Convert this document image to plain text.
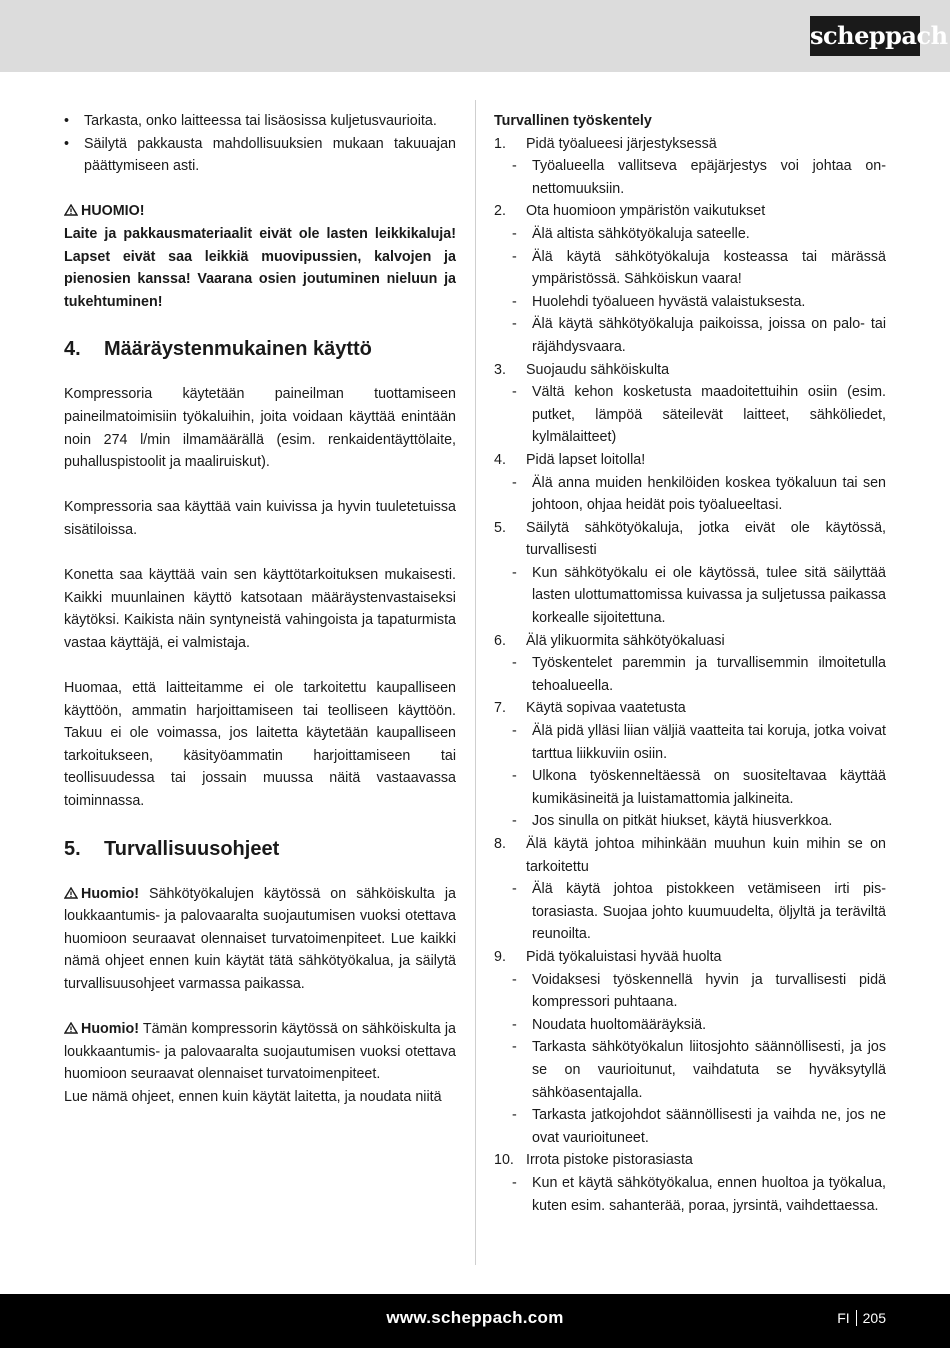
scheppach
• Tarkasta, onko laitteessa tai lisäosissa kuljetusvaurioita.
• Säilytä pakkausta mahdollisuuksien mukaan takuuajan päättymiseen asti.
HUOMIO!

Laite ja pakkausmateriaalit eivät ole lasten leikkikaluja! Lapset eivät saa leikkiä muovipussien, kalvojen ja pienosien kanssa! Vaarana osien joutuminen nieluun ja tukehtuminen!

4.	Määräystenmukainen käyttö

Kompressoria käytetään paineilman tuottamiseen paineilmatoimisiin työkaluihin, joita voidaan käyttää enintään noin 274 l/min ilmamäärällä (esim. renkaidentäyttölaite, puhalluspistoolit ja maaliruiskut).

Kompressoria saa käyttää vain kuivissa ja hyvin tuuletetuissa sisätiloissa.

Konetta saa käyttää vain sen käyttötarkoituksen mukaisesti. Kaikki muunlainen käyttö katsotaan määräystenvastaiseksi käytöksi. Kaikista näin syntyneistä vahingoista ja tapaturmista vastaa käyttäjä, ei valmistaja.

Huomaa, että laitteitamme ei ole tarkoitettu kaupalliseen käyttöön, ammatin harjoittamiseen tai teolliseen käyttöön. Takuu ei ole voimassa, jos laitetta käytetään kaupalliseen tarkoitukseen, käsityöammatin harjoittamiseen tai teollisuudessa tai jossain muussa näitä vastaavassa toiminnassa.

5.	Turvallisuusohjeet

Huomio! Sähkötyökalujen käytössä on sähköiskulta ja loukkaantumis- ja palovaaralta suojautumisen vuoksi otettava huomioon seuraavat olennaiset turvatoimenpiteet. Lue kaikki nämä ohjeet ennen kuin käytät tätä sähkötyökalua, ja säilytä turvallisuusohjeet varmassa paikassa.

Huomio! Tämän kompressorin käytössä on sähköiskulta ja loukkaantumis- ja palovaaralta suojautumisen vuoksi otettava huomioon seuraavat olennaiset turvatoimenpiteet.

Lue nämä ohjeet, ennen kuin käytät laitetta, ja noudata niitä

Turvallinen työskentely
1. Pidä työalueesi järjestyksessä
- Työalueella vallitseva epäjärjestys voi johtaa onnettomuuksiin.
2. Ota huomioon ympäristön vaikutukset
- Älä altista sähkötyökaluja sateelle.
- Älä käytä sähkötyökaluja kosteassa tai märässä ympäristössä. Sähköiskun vaara!
- Huolehdi työalueen hyvästä valaistuksesta.
- Älä käytä sähkötyökaluja paikoissa, joissa on palo- tai räjähdysvaara.
3. Suojaudu sähköiskulta
- Vältä kehon kosketusta maadoitettuihin osiin (esim. putket, lämpöä säteilevät laitteet, sähköliedet, kylmälaitteet)
4. Pidä lapset loitolla!
- Älä anna muiden henkilöiden koskea työkaluun tai sen johtoon, ohjaa heidät pois työalueeltasi.
5. Säilytä sähkötyökaluja, jotka eivät ole käytössä, turvallisesti
- Kun sähkötyökalu ei ole käytössä, tulee sitä säilyttää lasten ulottumattomissa kuivassa ja suljetussa paikassa korkealle sijoitettuna.
6. Älä ylikuormita sähkötyökaluasi
- Työskentelet paremmin ja turvallisemmin ilmoitetulla tehoalueella.
7. Käytä sopivaa vaatetusta
- Älä pidä ylläsi liian väljiä vaatteita tai koruja, jotka voivat tarttua liikkuviin osiin.
- Ulkona työskenneltäessä on suositeltavaa käyttää kumikäsineitä ja luistamattomia jalkineita.
- Jos sinulla on pitkät hiukset, käytä hiusverkkoa.
8. Älä käytä johtoa mihinkään muuhun kuin mihin se on tarkoitettu
- Älä käytä johtoa pistokkeen vetämiseen irti pistorasiasta. Suojaa johto kuumuudelta, öljyltä ja teräviltä reunoilta.
9. Pidä työkaluistasi hyvää huolta
- Voidaksesi työskennellä hyvin ja turvallisesti pidä kompressori puhtaana.
- Noudata huoltomääräyksiä.
- Tarkasta sähkötyökalun liitosjohto säännöllisesti, ja jos se on vaurioitunut, vaihdatuta se hyväksytyllä sähköasentajalla.
- Tarkasta jatkojohdot säännöllisesti ja vaihda ne, jos ne ovat vaurioituneet.
10. Irrota pistoke pistorasiasta
- Kun et käytä sähkötyökalua, ennen huoltoa ja työkalua, kuten esim. sahanterää, poraa, jyrsintä, vaihdettaessa.
www.scheppach.com	FI 205
